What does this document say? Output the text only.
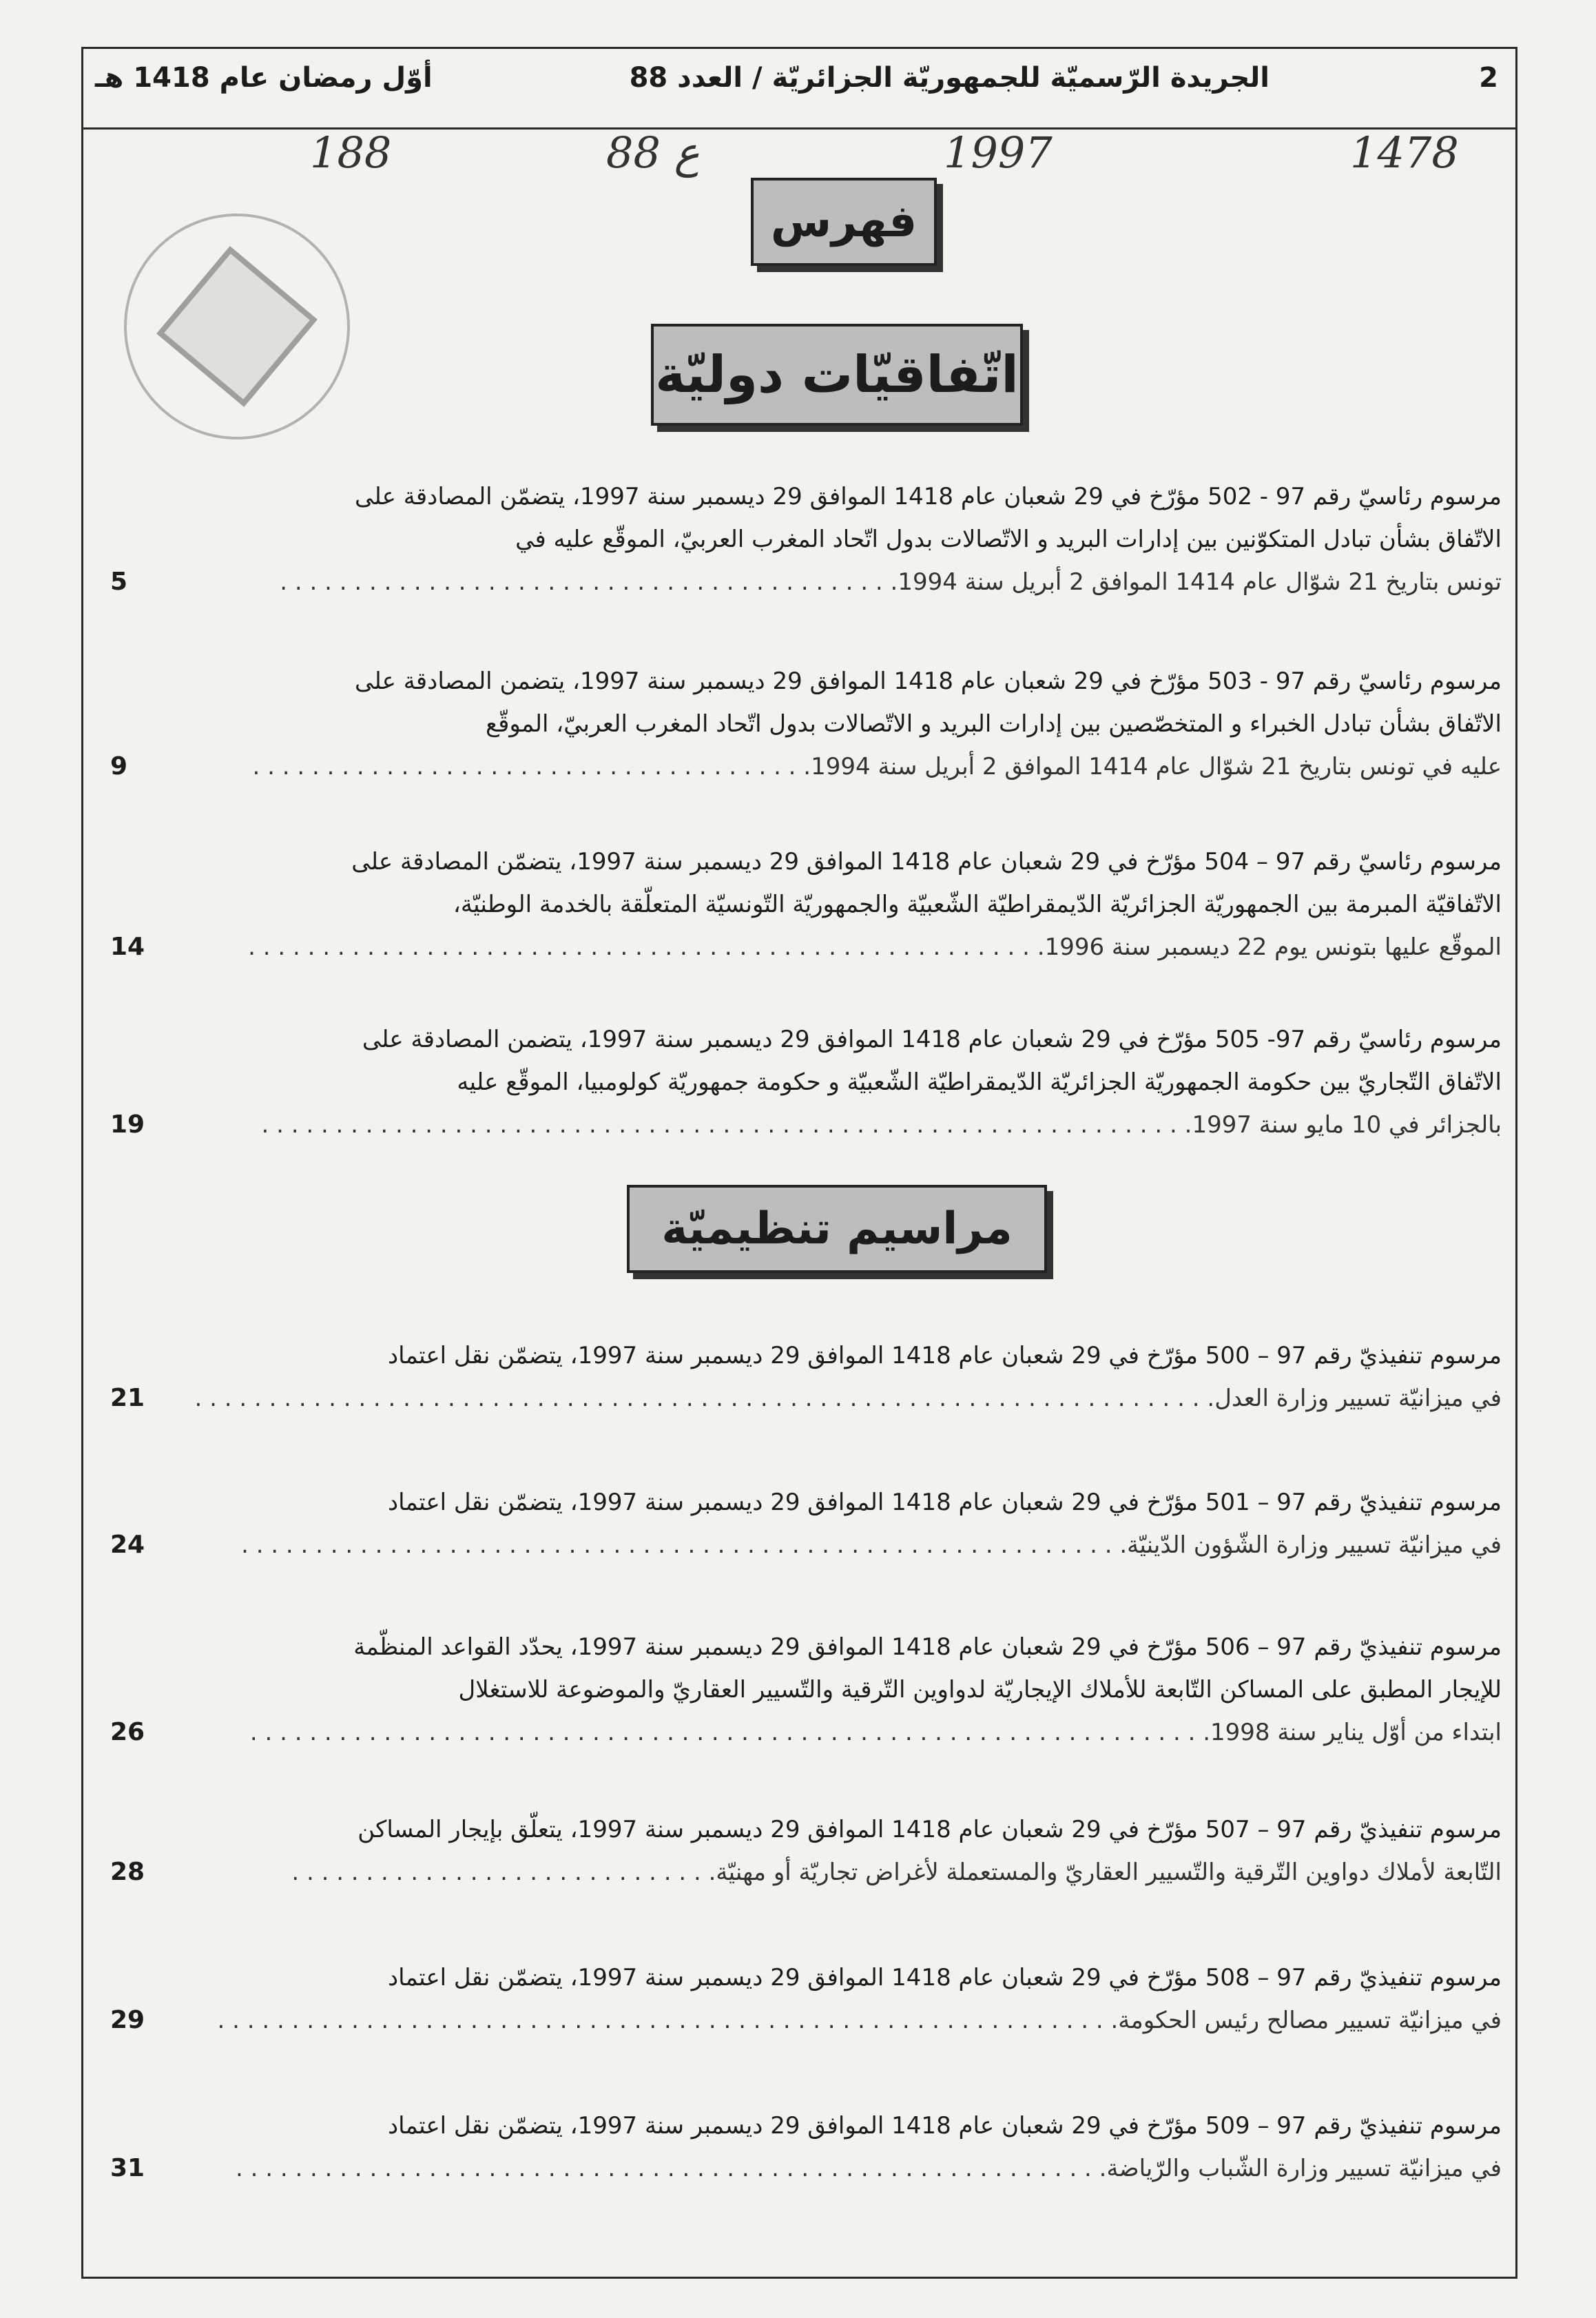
2
الجريدة الرّسميّة للجمهوريّة الجزائريّة / العدد 88
أوّل رمضان عام 1418 هـ
1478
1997
88 ع
188
فهرس
اتّفاقيّات دوليّة
مراسيم تنظيميّة
مرسوم رئاسيّ رقم 97 - 502 مؤرّخ في 29 شعبان عام 1418 الموافق 29 ديسمبر سنة 1997، يتضمّن المصادقة على
الاتّفاق بشأن تبادل المتكوّنين بين إدارات البريد و الاتّصالات بدول اتّحاد المغرب العربيّ، الموقّع عليه في
تونس بتاريخ 21 شوّال عام 1414 الموافق 2 أبريل سنة 1994. . . . . . . . . . . . . . . . . . . . . . . . . . . . . . . . . . . . . . . . . .
5
مرسوم رئاسيّ رقم 97 - 503 مؤرّخ في 29 شعبان عام 1418 الموافق 29 ديسمبر سنة 1997، يتضمن المصادقة على
الاتّفاق بشأن تبادل الخبراء و المتخصّصين بين إدارات البريد و الاتّصالات بدول اتّحاد المغرب العربيّ، الموقّع
عليه في تونس بتاريخ 21 شوّال عام 1414 الموافق 2 أبريل سنة 1994. . . . . . . . . . . . . . . . . . . . . . . . . . . . . . . . . . . . . .
9
مرسوم رئاسيّ رقم 97 – 504 مؤرّخ في 29 شعبان عام 1418 الموافق 29 ديسمبر سنة 1997، يتضمّن المصادقة على
الاتّفاقيّة المبرمة بين الجمهوريّة الجزائريّة الدّيمقراطيّة الشّعبيّة والجمهوريّة التّونسيّة المتعلّقة بالخدمة الوطنيّة،
الموقّع عليها بتونس يوم 22 ديسمبر سنة 1996. . . . . . . . . . . . . . . . . . . . . . . . . . . . . . . . . . . . . . . . . . . . . . . . . . . . . .
14
مرسوم رئاسيّ رقم 97- 505 مؤرّخ في 29 شعبان عام 1418 الموافق 29 ديسمبر سنة 1997، يتضمن المصادقة على
الاتّفاق التّجاريّ بين حكومة الجمهوريّة الجزائريّة الدّيمقراطيّة الشّعبيّة و حكومة جمهوريّة كولومبيا، الموقّع عليه
بالجزائر في 10 مايو سنة 1997. . . . . . . . . . . . . . . . . . . . . . . . . . . . . . . . . . . . . . . . . . . . . . . . . . . . . . . . . . . . . . .
19
مرسوم تنفيذيّ رقم 97 – 500 مؤرّخ في 29 شعبان عام 1418 الموافق 29 ديسمبر سنة 1997، يتضمّن نقل اعتماد
في ميزانيّة تسيير وزارة العدل. . . . . . . . . . . . . . . . . . . . . . . . . . . . . . . . . . . . . . . . . . . . . . . . . . . . . . . . . . . . . . . . . . . . .
21
مرسوم تنفيذيّ رقم 97 – 501 مؤرّخ في 29 شعبان عام 1418 الموافق 29 ديسمبر سنة 1997، يتضمّن نقل اعتماد
في ميزانيّة تسيير وزارة الشّؤون الدّينيّة. . . . . . . . . . . . . . . . . . . . . . . . . . . . . . . . . . . . . . . . . . . . . . . . . . . . . . . . . . . .
24
مرسوم تنفيذيّ رقم 97 – 506 مؤرّخ في 29 شعبان عام 1418 الموافق 29 ديسمبر سنة 1997، يحدّد القواعد المنظّمة
للإيجار المطبق على المساكن التّابعة للأملاك الإيجاريّة لدواوين التّرقية والتّسيير العقاريّ والموضوعة للاستغلال
ابتداء من أوّل يناير سنة 1998. . . . . . . . . . . . . . . . . . . . . . . . . . . . . . . . . . . . . . . . . . . . . . . . . . . . . . . . . . . . . . . . .
26
مرسوم تنفيذيّ رقم 97 – 507 مؤرّخ في 29 شعبان عام 1418 الموافق 29 ديسمبر سنة 1997، يتعلّق بإيجار المساكن
التّابعة لأملاك دواوين التّرقية والتّسيير العقاريّ والمستعملة لأغراض تجاريّة أو مهنيّة. . . . . . . . . . . . . . . . . . . . . . . . . . . . .
28
مرسوم تنفيذيّ رقم 97 – 508 مؤرّخ في 29 شعبان عام 1418 الموافق 29 ديسمبر سنة 1997، يتضمّن نقل اعتماد
في ميزانيّة تسيير مصالح رئيس الحكومة. . . . . . . . . . . . . . . . . . . . . . . . . . . . . . . . . . . . . . . . . . . . . . . . . . . . . . . . . . . . .
29
مرسوم تنفيذيّ رقم 97 – 509 مؤرّخ في 29 شعبان عام 1418 الموافق 29 ديسمبر سنة 1997، يتضمّن نقل اعتماد
في ميزانيّة تسيير وزارة الشّباب والرّياضة. . . . . . . . . . . . . . . . . . . . . . . . . . . . . . . . . . . . . . . . . . . . . . . . . . . . . . . . . . .
31
